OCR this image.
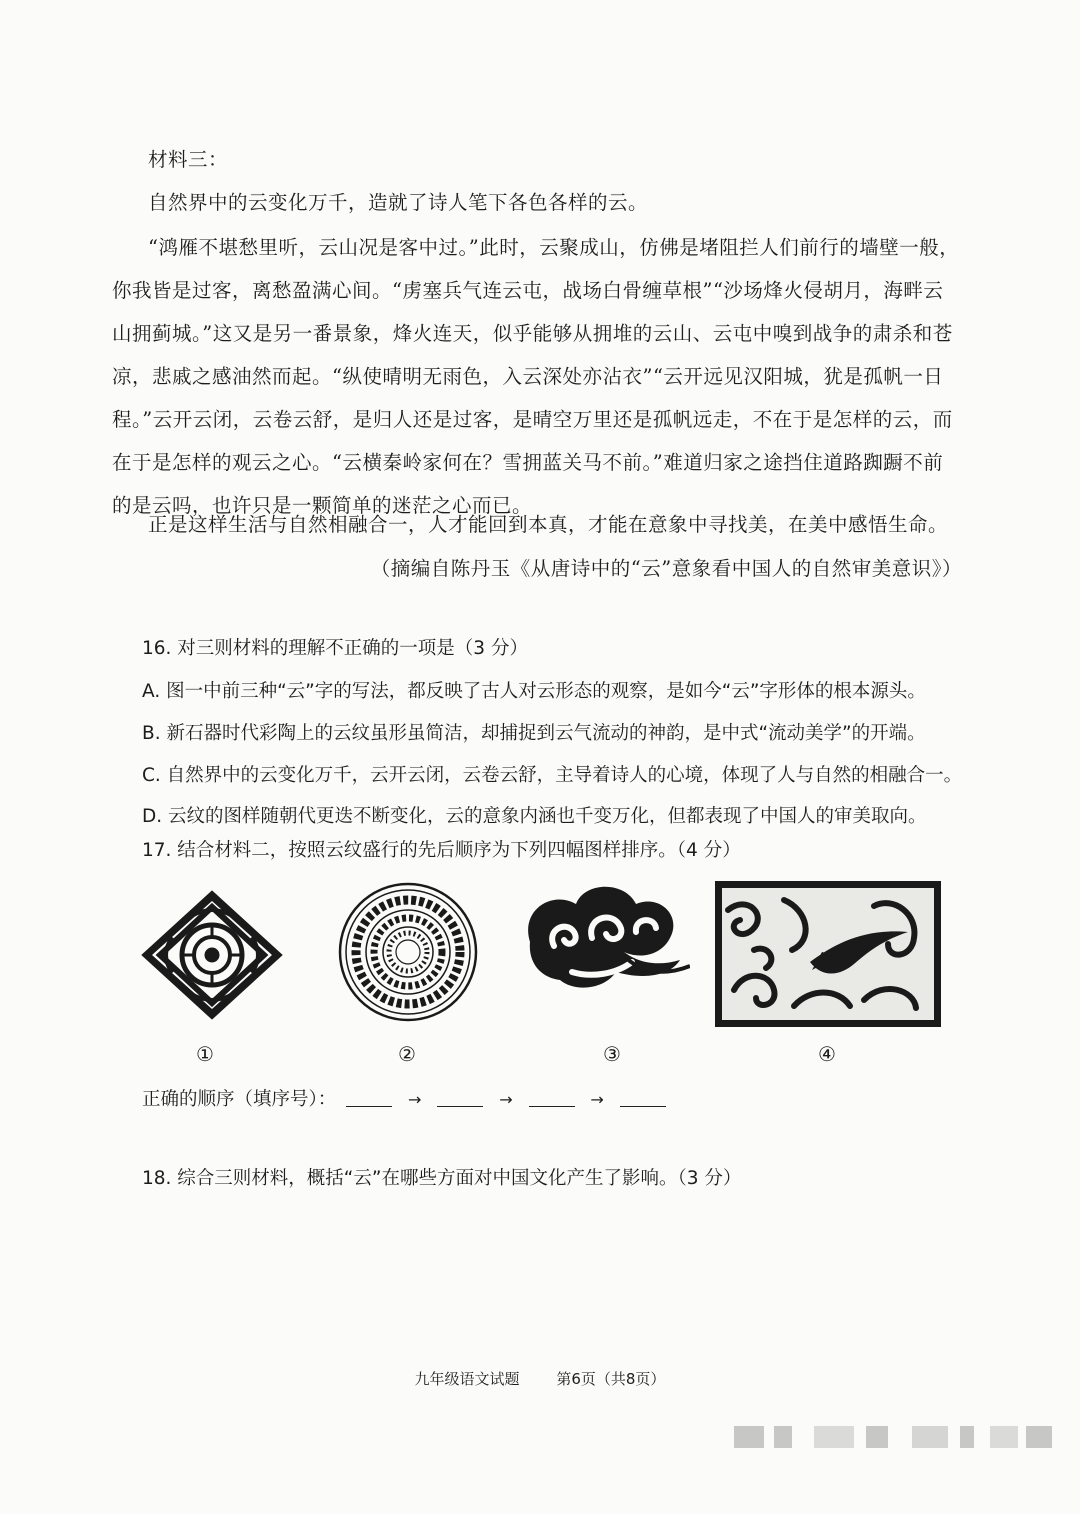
材料三：
自然界中的云变化万千，造就了诗人笔下各色各样的云。
“鸿雁不堪愁里听，云山况是客中过。”此时，云聚成山，仿佛是堵阻拦人们前行的墙壁一般，你我皆是过客，离愁盈满心间。“虏塞兵气连云屯，战场白骨缠草根”“沙场烽火侵胡月，海畔云山拥蓟城。”这又是另一番景象，烽火连天，似乎能够从拥堆的云山、云屯中嗅到战争的肃杀和苍凉，悲戚之感油然而起。“纵使晴明无雨色，入云深处亦沾衣”“云开远见汉阳城，犹是孤帆一日程。”云开云闭，云卷云舒，是归人还是过客，是晴空万里还是孤帆远走，不在于是怎样的云，而在于是怎样的观云之心。“云横秦岭家何在？雪拥蓝关马不前。”难道归家之途挡住道路踟蹰不前的是云吗，也许只是一颗简单的迷茫之心而已。
正是这样生活与自然相融合一，人才能回到本真，才能在意象中寻找美，在美中感悟生命。
（摘编自陈丹玉《从唐诗中的“云”意象看中国人的自然审美意识》）
16. 对三则材料的理解不正确的一项是（3 分）
A. 图一中前三种“云”字的写法，都反映了古人对云形态的观察，是如今“云”字形体的根本源头。
B. 新石器时代彩陶上的云纹虽形虽简洁，却捕捉到云气流动的神韵，是中式“流动美学”的开端。
C. 自然界中的云变化万千，云开云闭，云卷云舒，主导着诗人的心境，体现了人与自然的相融合一。
D. 云纹的图样随朝代更迭不断变化，云的意象内涵也千变万化，但都表现了中国人的审美取向。
17. 结合材料二，按照云纹盛行的先后顺序为下列四幅图样排序。（4 分）
①	②	③	④
正确的顺序（填序号）：	→	→	→
18. 综合三则材料，概括“云”在哪些方面对中国文化产生了影响。（3 分）
九年级语文试题 第6页（共8页）
